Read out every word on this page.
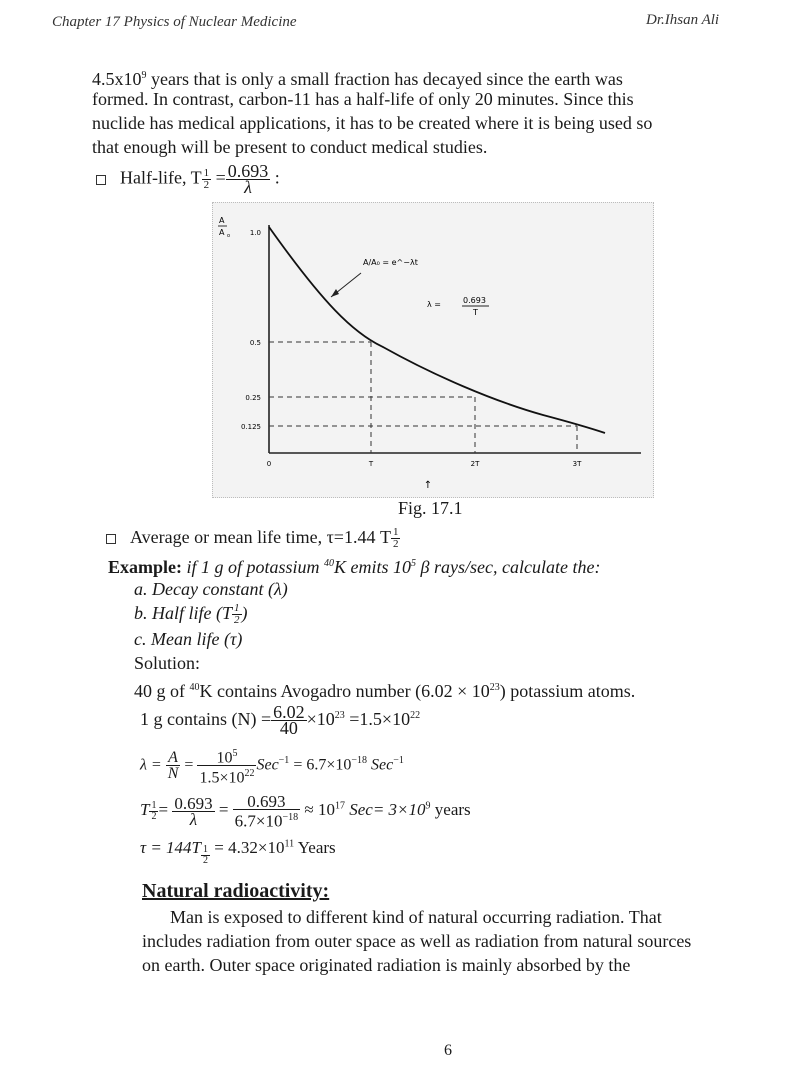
Chapter 17 Physics of Nuclear Medicine	Dr.Ihsan Ali
$4.5x10^9$ years that is only a small fraction has decayed since the earth was
formed. In contrast, carbon-11 has a half-life of only 20 minutes. Since this
nuclide has medical applications, it has to be created where it is being used so
that enough will be present to conduct medical studies.
Half-life, T $\frac{1}{2} = \frac{0.693}{\lambda}$ :
A
A o	1.0
0.5
0.25
0.125
0	T	2T	3T
A/A₀ = e^−λt
λ =	0.693
T
↑
Fig. 17.1
Average or mean life time, τ=1.44 T $\frac{1}{2}$
Example: if 1 g of potassium $^{40}$K emits $10^5$ β rays/sec, calculate the:
a. Decay constant (λ)
b. Half life ($T \frac{1}{2}$ )
c. Mean life (τ)
Solution:
40 g of $^{40}$K contains Avogadro number $(6.02 \times 10^{23})$ potassium atoms.
1 g contains $(N) = \frac{6.02}{40} \times 10^{23} =1.5\times 10^{22}$
$\lambda = \frac{A}{N} = \frac{10^5}{1.5\times 10^{22}} Sec^{-1} = 6.7\times 10^{-18}$ Sec$^{-1}$
T $\frac{1}{2} = \frac{0.693}{\lambda} = \frac{0.693}{6.7\times 10^{-18}} \approx 10^{17}$ $Sec= 3\times 10^9$ years
$\tau = 144T \frac{1}{2} = 4.32\times 10^{11}$ Years
Natural radioactivity:
Man is exposed to different kind of natural occurring radiation. That
includes radiation from outer space as well as radiation from natural sources
on earth. Outer space originated radiation is mainly absorbed by the
6
